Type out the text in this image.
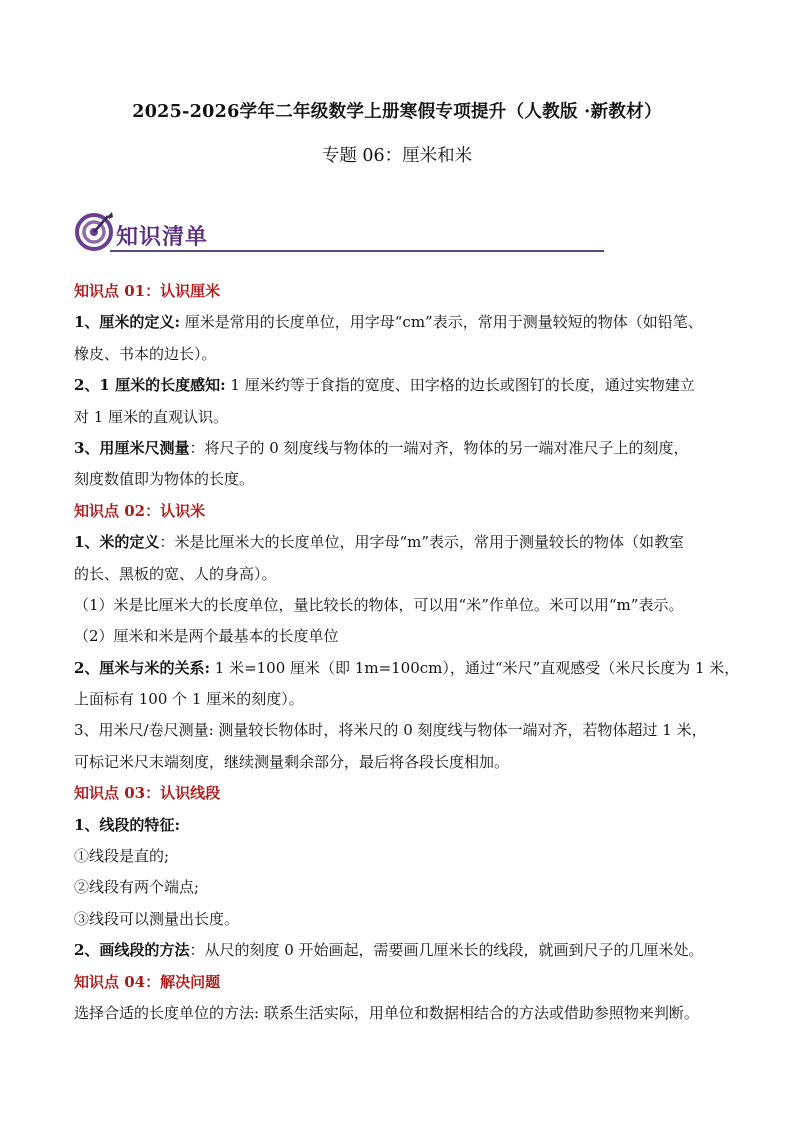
2025-2026学年二年级数学上册寒假专项提升（人教版 ·新教材）
专题 06：厘米和米
知识清单
知识点 01：认识厘米
1、厘米的定义: 厘米是常用的长度单位，用字母“cm”表示，常用于测量较短的物体（如铅笔、
橡皮、书本的边长）。
2、1 厘米的长度感知: 1 厘米约等于食指的宽度、田字格的边长或图钉的长度，通过实物建立
对 1 厘米的直观认识。
3、用厘米尺测量：将尺子的 0 刻度线与物体的一端对齐，物体的另一端对准尺子上的刻度，
刻度数值即为物体的长度。
知识点 02：认识米
1、米的定义：米是比厘米大的长度单位，用字母“m”表示，常用于测量较长的物体（如教室
的长、黑板的宽、人的身高）。
（1）米是比厘米大的长度单位，量比较长的物体，可以用“米”作单位。米可以用“m”表示。
（2）厘米和米是两个最基本的长度单位
2、厘米与米的关系: 1 米=100 厘米（即 1m=100cm），通过“米尺”直观感受（米尺长度为 1 米，
上面标有 100 个 1 厘米的刻度）。
3、用米尺/卷尺测量: 测量较长物体时，将米尺的 0 刻度线与物体一端对齐，若物体超过 1 米，
可标记米尺末端刻度，继续测量剩余部分，最后将各段长度相加。
知识点 03：认识线段
1、线段的特征:
①线段是直的;
②线段有两个端点;
③线段可以测量出长度。
2、画线段的方法：从尺的刻度 0 开始画起，需要画几厘米长的线段，就画到尺子的几厘米处。
知识点 04：解决问题
选择合适的长度单位的方法: 联系生活实际，用单位和数据相结合的方法或借助参照物来判断。
